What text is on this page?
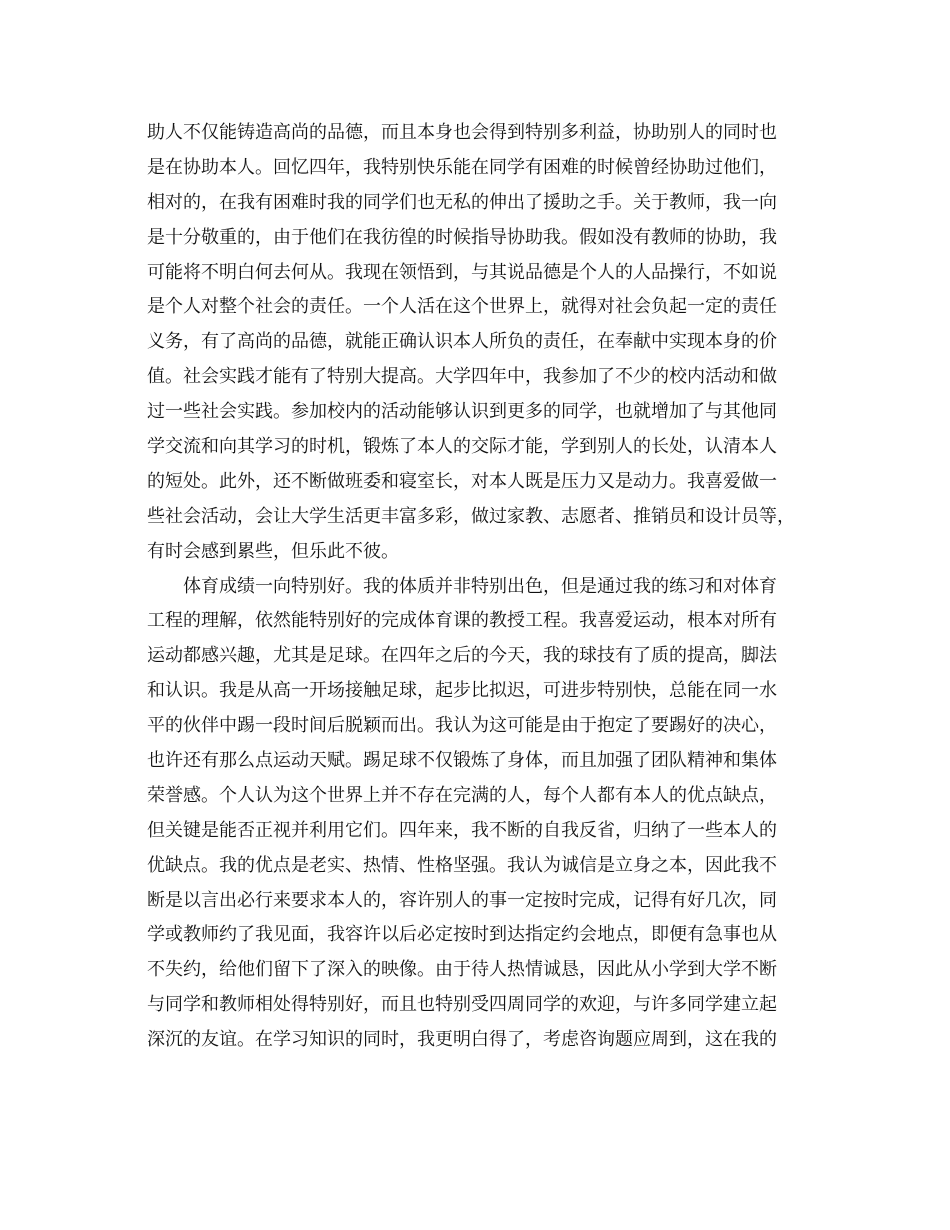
助人不仅能铸造高尚的品德，而且本身也会得到特别多利益，协助别人的同时也
是在协助本人。回忆四年，我特别快乐能在同学有困难的时候曾经协助过他们，
相对的，在我有困难时我的同学们也无私的伸出了援助之手。关于教师，我一向
是十分敬重的，由于他们在我彷徨的时候指导协助我。假如没有教师的协助，我
可能将不明白何去何从。我现在领悟到，与其说品德是个人的人品操行，不如说
是个人对整个社会的责任。一个人活在这个世界上，就得对社会负起一定的责任
义务，有了高尚的品德，就能正确认识本人所负的责任，在奉献中实现本身的价
值。社会实践才能有了特别大提高。大学四年中，我参加了不少的校内活动和做
过一些社会实践。参加校内的活动能够认识到更多的同学，也就增加了与其他同
学交流和向其学习的时机，锻炼了本人的交际才能，学到别人的长处，认清本人
的短处。此外，还不断做班委和寝室长，对本人既是压力又是动力。我喜爱做一
些社会活动，会让大学生活更丰富多彩，做过家教、志愿者、推销员和设计员等，
有时会感到累些，但乐此不彼。
体育成绩一向特别好。我的体质并非特别出色，但是通过我的练习和对体育
工程的理解，依然能特别好的完成体育课的教授工程。我喜爱运动，根本对所有
运动都感兴趣，尤其是足球。在四年之后的今天，我的球技有了质的提高，脚法
和认识。我是从高一开场接触足球，起步比拟迟，可进步特别快，总能在同一水
平的伙伴中踢一段时间后脱颖而出。我认为这可能是由于抱定了要踢好的决心，
也许还有那么点运动天赋。踢足球不仅锻炼了身体，而且加强了团队精神和集体
荣誉感。个人认为这个世界上并不存在完满的人，每个人都有本人的优点缺点，
但关键是能否正视并利用它们。四年来，我不断的自我反省，归纳了一些本人的
优缺点。我的优点是老实、热情、性格坚强。我认为诚信是立身之本，因此我不
断是以言出必行来要求本人的，容许别人的事一定按时完成，记得有好几次，同
学或教师约了我见面，我容许以后必定按时到达指定约会地点，即便有急事也从
不失约，给他们留下了深入的映像。由于待人热情诚恳，因此从小学到大学不断
与同学和教师相处得特别好，而且也特别受四周同学的欢迎，与许多同学建立起
深沉的友谊。在学习知识的同时，我更明白得了，考虑咨询题应周到，这在我的
